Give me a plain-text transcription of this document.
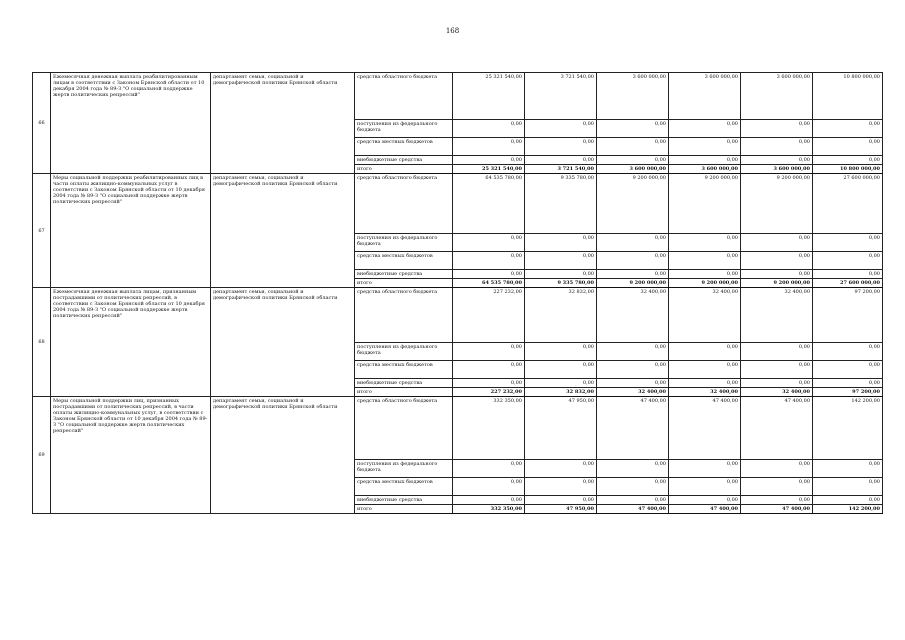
168
66	Ежемесячная денежная выплата реабилитированным лицам в соответствии с Законом Брянской области от 10 декабря 2004 года № 89-З "О социальной поддержке жертв политических репрессий"	департамент семьи, социальной и демографической политики Брянской области	средства областного бюджета	25 321 540,00	3 721 540,00	3 600 000,00	3 600 000,00	3 600 000,00	10 800 000,00
			поступления из федерального бюджета	0,00	0,00	0,00	0,00	0,00	0,00
			средства местных бюджетов	0,00	0,00	0,00	0,00	0,00	0,00
			внебюджетные средства	0,00	0,00	0,00	0,00	0,00	0,00
			итого	25 321 540,00	3 721 540,00	3 600 000,00	3 600 000,00	3 600 000,00	10 800 000,00
67	Меры социальной поддержки реабилитированных лиц в части оплаты жилищно-коммунальных услуг в соответствии с Законом Брянской области от 10 декабря 2004 года № 89-З "О социальной поддержке жертв политических репрессий"	департамент семьи, социальной и демографической политики Брянской области	средства областного бюджета	64 535 780,00	9 335 780,00	9 200 000,00	9 200 000,00	9 200 000,00	27 600 000,00
			поступления из федерального бюджета	0,00	0,00	0,00	0,00	0,00	0,00
			средства местных бюджетов	0,00	0,00	0,00	0,00	0,00	0,00
			внебюджетные средства	0,00	0,00	0,00	0,00	0,00	0,00
			итого	64 535 780,00	9 335 780,00	9 200 000,00	9 200 000,00	9 200 000,00	27 600 000,00
68	Ежемесячная денежная выплата лицам, признанным пострадавшими от политических репрессий, в соответствии с Законом Брянской области от 10 декабря 2004 года № 89-З "О социальной поддержке жертв политических репрессий"	департамент семьи, социальной и демографической политики Брянской области	средства областного бюджета	227 232,00	32 832,00	32 400,00	32 400,00	32 400,00	97 200,00
			поступления из федерального бюджета	0,00	0,00	0,00	0,00	0,00	0,00
			средства местных бюджетов	0,00	0,00	0,00	0,00	0,00	0,00
			внебюджетные средства	0,00	0,00	0,00	0,00	0,00	0,00
			итого	227 232,00	32 832,00	32 400,00	32 400,00	32 400,00	97 200,00
69	Меры социальной поддержки лиц, признанных пострадавшими от политических репрессий, в части оплаты жилищно-коммунальных услуг, в соответствии с Законом Брянской области от 10 декабря 2004 года № 89-З "О социальной поддержке жертв политических репрессий"	департамент семьи, социальной и демографической политики Брянской области	средства областного бюджета	332 350,00	47 950,00	47 400,00	47 400,00	47 400,00	142 200,00
			поступления из федерального бюджета	0,00	0,00	0,00	0,00	0,00	0,00
			средства местных бюджетов	0,00	0,00	0,00	0,00	0,00	0,00
			внебюджетные средства	0,00	0,00	0,00	0,00	0,00	0,00
			итого	332 350,00	47 950,00	47 400,00	47 400,00	47 400,00	142 200,00
